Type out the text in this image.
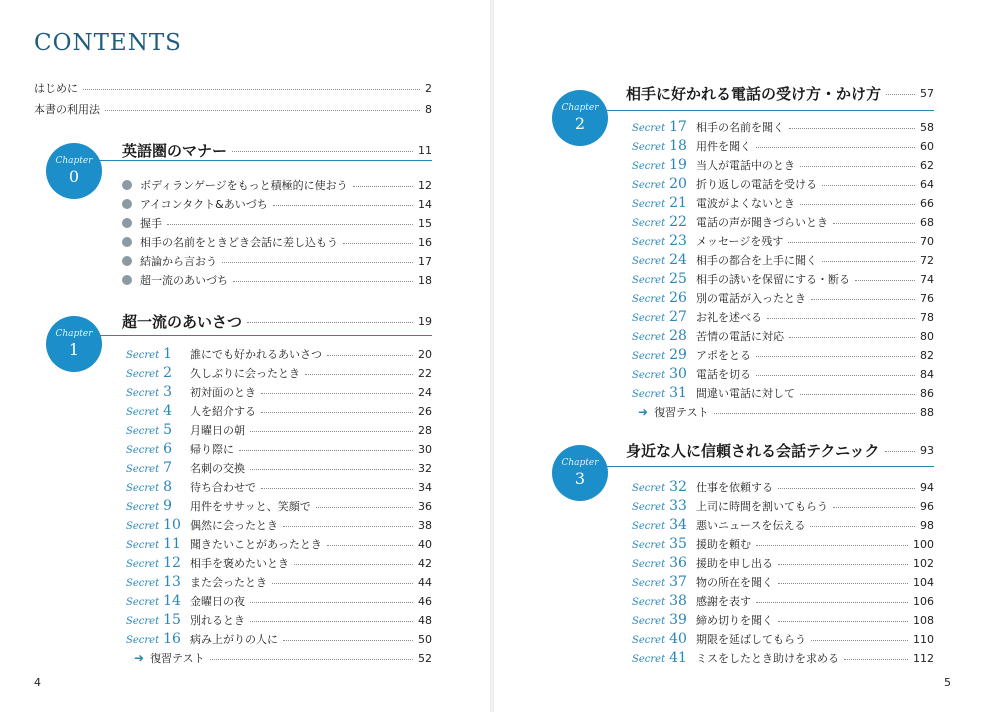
CONTENTS
はじめに	2
本書の利用法	8
Chapter
0
英語圏のマナー	11
ボディランゲージをもっと積極的に使おう	12
アイコンタクト&あいづち	14
握手	15
相手の名前をときどき会話に差し込もう	16
結論から言おう	17
超一流のあいづち	18
Chapter
1
超一流のあいさつ	19
Secret 1 誰にでも好かれるあいさつ	20
Secret 2 久しぶりに会ったとき	22
Secret 3 初対面のとき	24
Secret 4 人を紹介する	26
Secret 5 月曜日の朝	28
Secret 6 帰り際に	30
Secret 7 名刺の交換	32
Secret 8 待ち合わせで	34
Secret 9 用件をササッと、笑顔で	36
Secret 10 偶然に会ったとき	38
Secret 11 聞きたいことがあったとき	40
Secret 12 相手を褒めたいとき	42
Secret 13 また会ったとき	44
Secret 14 金曜日の夜	46
Secret 15 別れるとき	48
Secret 16 病み上がりの人に	50
➜ 復習テスト	52
4
Chapter
2
相手に好かれる電話の受け方・かけ方	57
Secret 17 相手の名前を聞く	58
Secret 18 用件を聞く	60
Secret 19 当人が電話中のとき	62
Secret 20 折り返しの電話を受ける	64
Secret 21 電波がよくないとき	66
Secret 22 電話の声が聞きづらいとき	68
Secret 23 メッセージを残す	70
Secret 24 相手の都合を上手に聞く	72
Secret 25 相手の誘いを保留にする・断る	74
Secret 26 別の電話が入ったとき	76
Secret 27 お礼を述べる	78
Secret 28 苦情の電話に対応	80
Secret 29 アポをとる	82
Secret 30 電話を切る	84
Secret 31 間違い電話に対して	86
➜ 復習テスト	88
Chapter
3
身近な人に信頼される会話テクニック	93
Secret 32 仕事を依頼する	94
Secret 33 上司に時間を割いてもらう	96
Secret 34 悪いニュースを伝える	98
Secret 35 援助を頼む	100
Secret 36 援助を申し出る	102
Secret 37 物の所在を聞く	104
Secret 38 感謝を表す	106
Secret 39 締め切りを聞く	108
Secret 40 期限を延ばしてもらう	110
Secret 41 ミスをしたとき助けを求める	112
5
